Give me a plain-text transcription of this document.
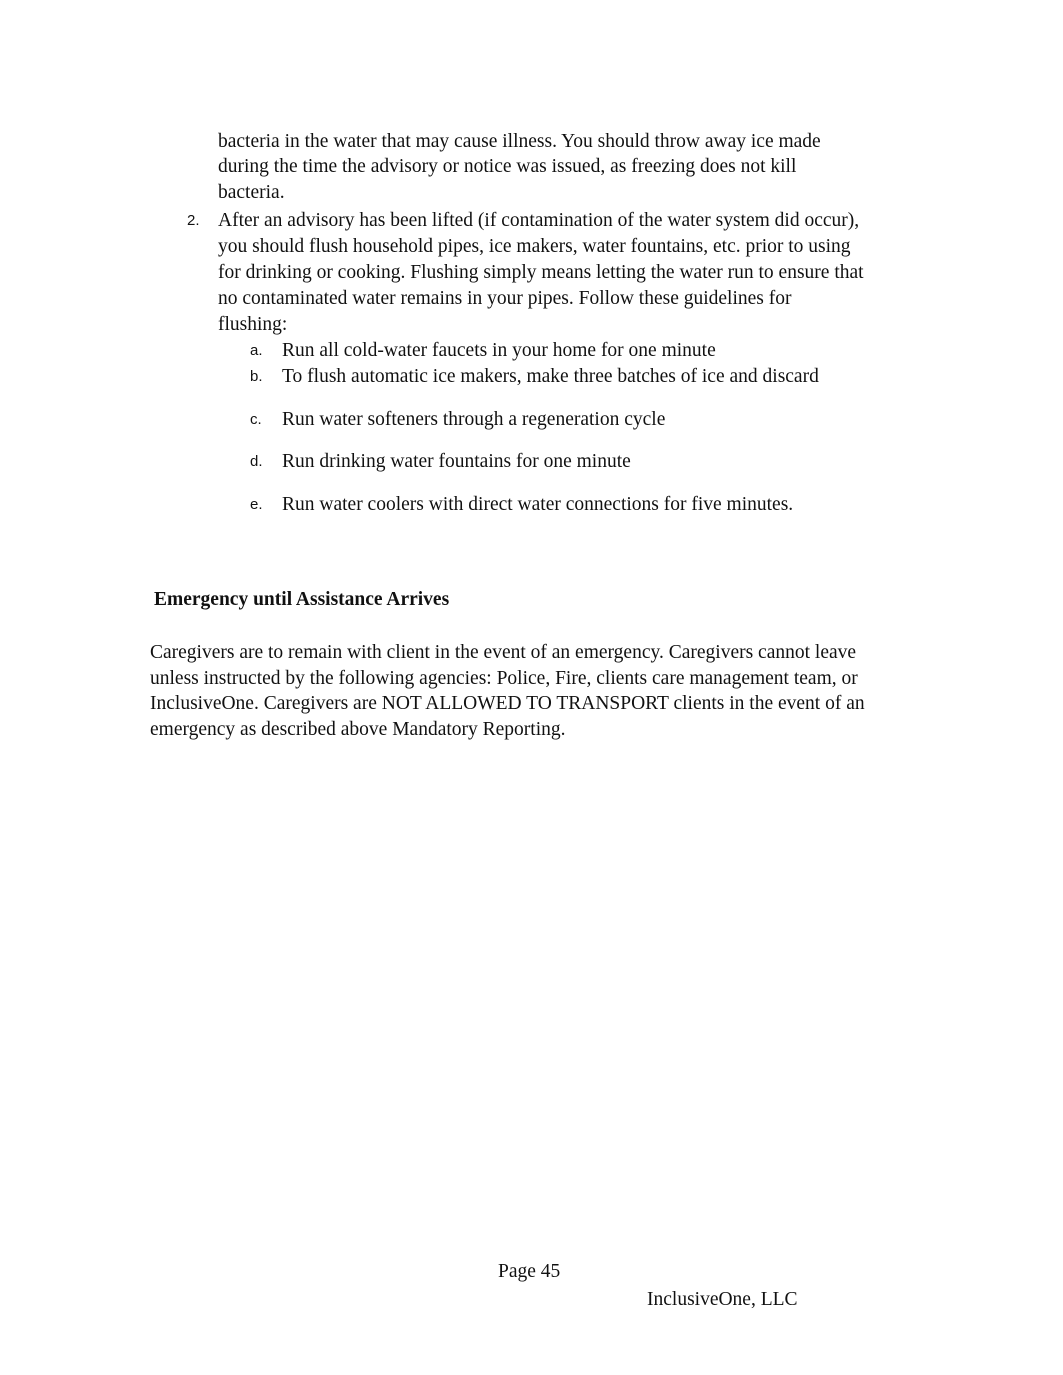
bacteria in the water that may cause illness. You should throw away ice made
during the time the advisory or notice was issued, as freezing does not kill
bacteria.
2. After an advisory has been lifted (if contamination of the water system did occur),
you should flush household pipes, ice makers, water fountains, etc. prior to using
for drinking or cooking. Flushing simply means letting the water run to ensure that
no contaminated water remains in your pipes. Follow these guidelines for
flushing:
a. Run all cold-water faucets in your home for one minute
b. To flush automatic ice makers, make three batches of ice and discard
c. Run water softeners through a regeneration cycle
d. Run drinking water fountains for one minute
e. Run water coolers with direct water connections for five minutes.
Emergency until Assistance Arrives
Caregivers are to remain with client in the event of an emergency. Caregivers cannot leave
unless instructed by the following agencies: Police, Fire, clients care management team, or
InclusiveOne. Caregivers are NOT ALLOWED TO TRANSPORT clients in the event of an
emergency as described above Mandatory Reporting.
Page 45
InclusiveOne, LLC
